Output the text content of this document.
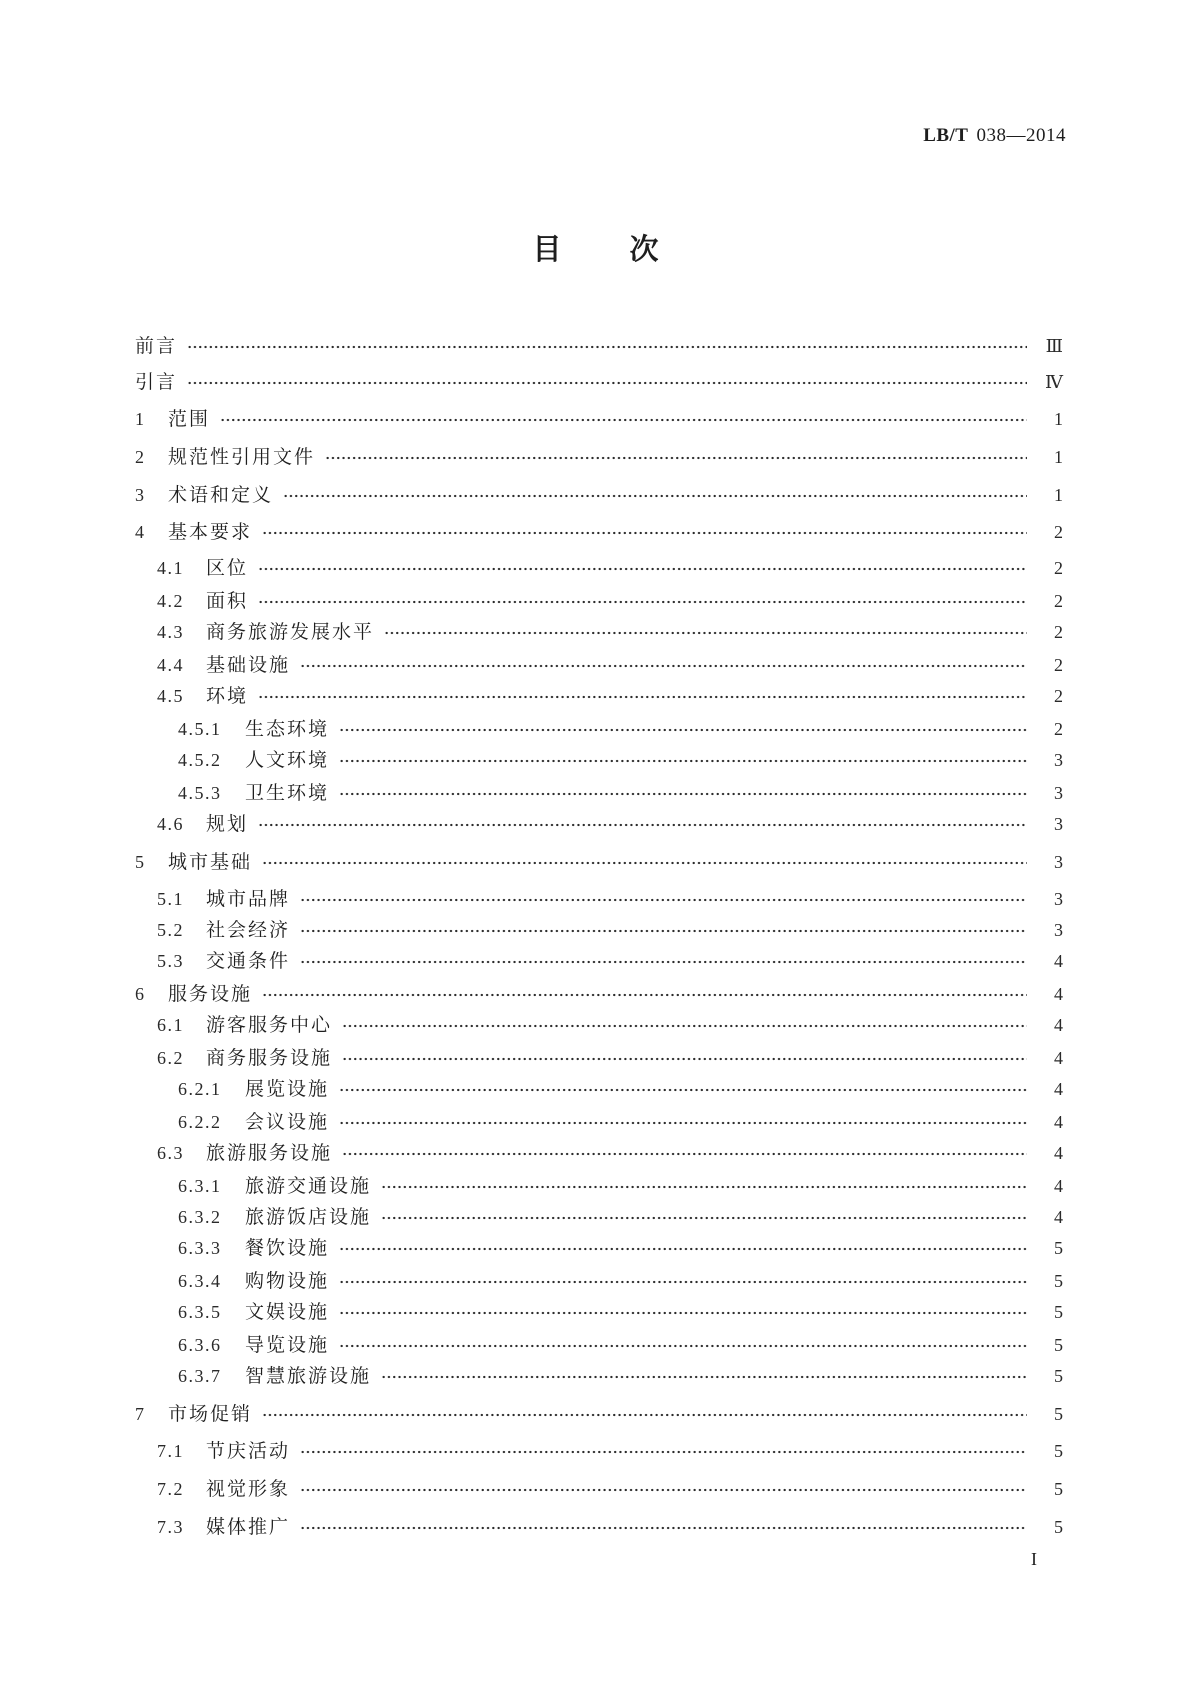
LB/T 038—2014
目 次
前言	Ⅲ
引言	Ⅳ
1	范围	1
2	规范性引用文件	1
3	术语和定义	1
4	基本要求	2
4.1	区位	2
4.2	面积	2
4.3	商务旅游发展水平	2
4.4	基础设施	2
4.5	环境	2
4.5.1	生态环境	2
4.5.2	人文环境	3
4.5.3	卫生环境	3
4.6	规划	3
5	城市基础	3
5.1	城市品牌	3
5.2	社会经济	3
5.3	交通条件	4
6	服务设施	4
6.1	游客服务中心	4
6.2	商务服务设施	4
6.2.1	展览设施	4
6.2.2	会议设施	4
6.3	旅游服务设施	4
6.3.1	旅游交通设施	4
6.3.2	旅游饭店设施	4
6.3.3	餐饮设施	5
6.3.4	购物设施	5
6.3.5	文娱设施	5
6.3.6	导览设施	5
6.3.7	智慧旅游设施	5
7	市场促销	5
7.1	节庆活动	5
7.2	视觉形象	5
7.3	媒体推广	5
I
